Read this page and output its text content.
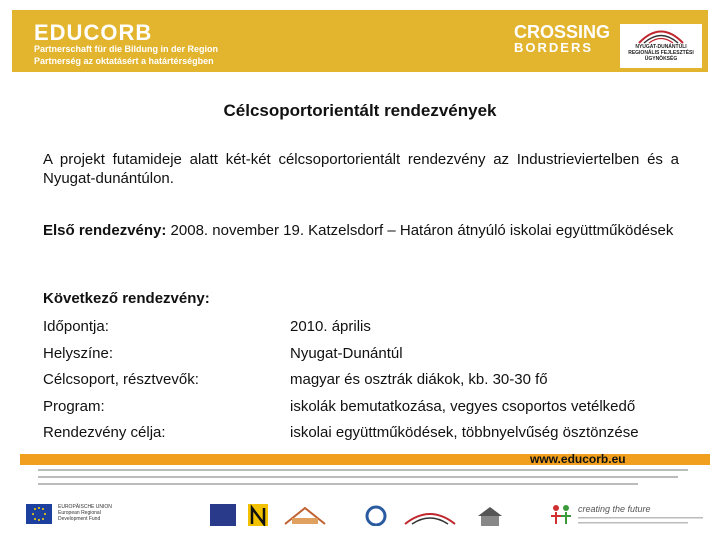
EDUCORB
Partnerschaft für die Bildung in der Region
Partnerség az oktatásért a határtérségben
CROSSING
BORDERS	NYUGAT-DUNÁNTÚLI
REGIONÁLIS FEJLESZTÉSI ÜGYNÖKSÉG
Célcsoportorientált rendezvények
A projekt futamideje alatt két-két célcsoportorientált rendezvény az Industrieviertelben és a Nyugat-dunántúlon.
Első rendezvény: 2008. november 19. Katzelsdorf – Határon átnyúló iskolai együttműködések
Következő rendezvény:
Időpontja:	2010. április
Helyszíne:	Nyugat-Dunántúl
Célcsoport, résztvevők:	magyar és osztrák diákok, kb. 30-30 fő
Program:	iskolák bemutatkozása, vegyes csoportos vetélkedő
Rendezvény célja:	iskolai együttműködések, többnyelvűség ösztönzése
www.educorb.eu
EUROPÄISCHE UNION European Regional Development Fund
creating the future
